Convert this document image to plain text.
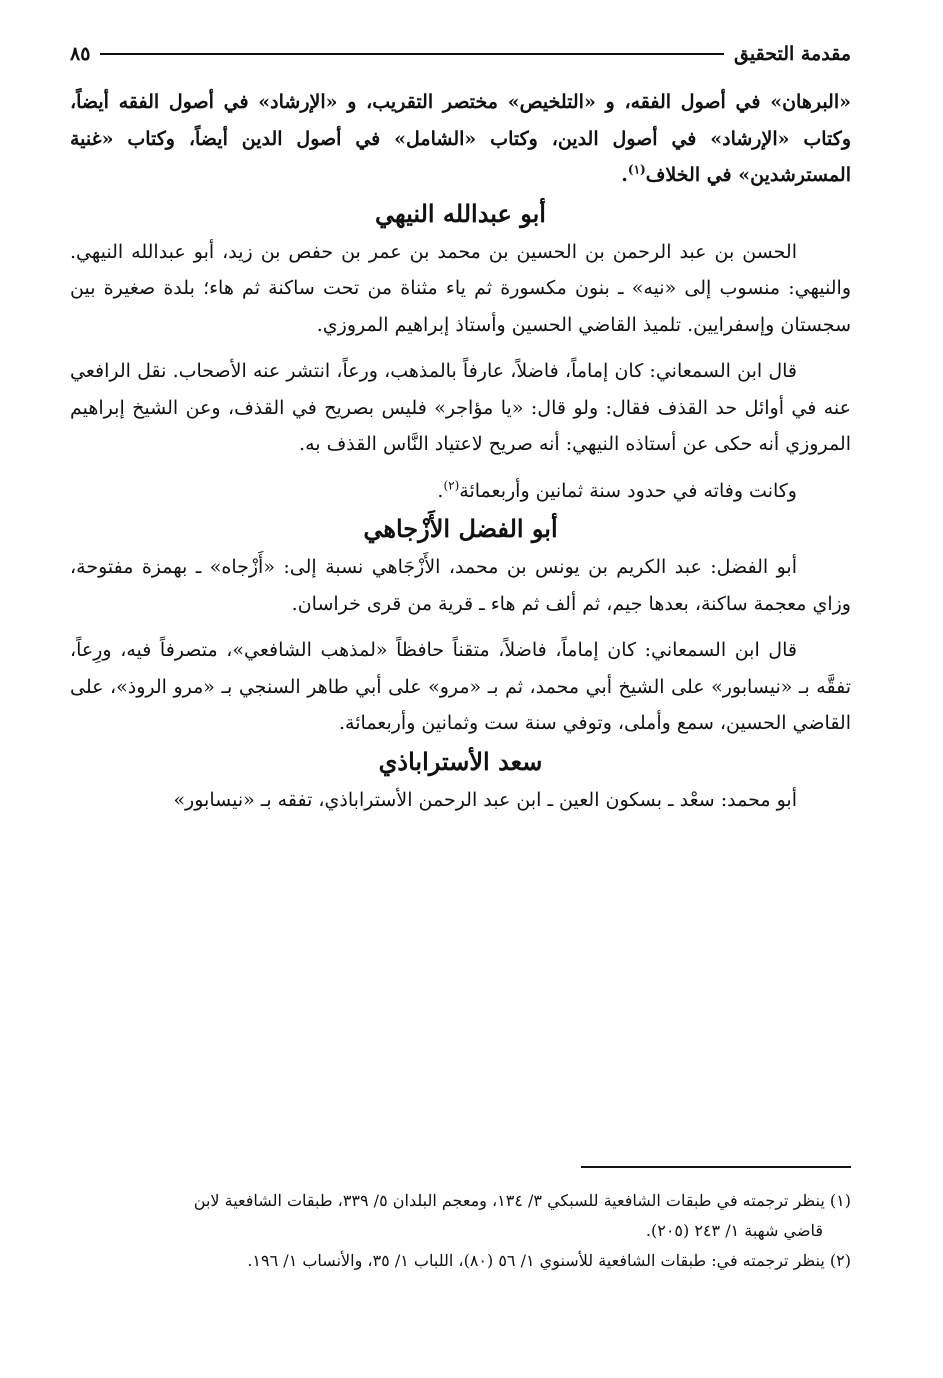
مقدمة التحقيق
٨٥

«البرهان» في أصول الفقه، و «التلخيص» مختصر التقريب، و «الإرشاد» في أصول الفقه أيضاً، وكتاب «الإرشاد» في أصول الدين، وكتاب «الشامل» في أصول الدين أيضاً، وكتاب «غنية المسترشدين» في الخلاف$^{(١)}$.

أبو عبدالله النيهي

الحسن بن عبد الرحمن بن الحسين بن محمد بن عمر بن حفص بن زيد، أبو عبدالله النيهي. والنيهي: منسوب إلى «نيه» ـ بنون مكسورة ثم ياء مثناة من تحت ساكنة ثم هاء؛ بلدة صغيرة بين سجستان وإسفرايين. تلميذ القاضي الحسين وأستاذ إبراهيم المروزي.

قال ابن السمعاني: كان إماماً، فاضلاً، عارفاً بالمذهب، ورعاً، انتشر عنه الأصحاب. نقل الرافعي عنه في أوائل حد القذف فقال: ولو قال: «يا مؤاجر» فليس بصريح في القذف، وعن الشيخ إبراهيم المروزي أنه حكى عن أستاذه النيهي: أنه صريح لاعتياد النَّاس القذف به.

وكانت وفاته في حدود سنة ثمانين وأربعمائة$^{(٢)}$.

أبو الفضل الأَزْجاهي

أبو الفضل: عبد الكريم بن يونس بن محمد، الأَزْجَاهي نسبة إلى: «أَزْجاه» ـ بهمزة مفتوحة، وزاي معجمة ساكنة، بعدها جيم، ثم ألف ثم هاء ـ قرية من قرى خراسان.

قال ابن السمعاني: كان إماماً، فاضلاً، متقناً حافظاً «لمذهب الشافعي»، متصرفاً فيه، ورِعاً، تفقَّه بـ «نيسابور» على الشيخ أبي محمد، ثم بـ «مرو» على أبي طاهر السنجي بـ «مرو الروذ»، على القاضي الحسين، سمع وأملى، وتوفي سنة ست وثمانين وأربعمائة.

سعد الأستراباذي

أبو محمد: سعْد ـ بسكون العين ـ ابن عبد الرحمن الأستراباذي، تفقه بـ «نيسابور»

(١) ينظر ترجمته في طبقات الشافعية للسبكي ٣/ ١٣٤، ومعجم البلدان ٥/ ٣٣٩، طبقات الشافعية لابن

قاضي شهبة ١/ ٢٤٣ (٢٠٥).

(٢) ينظر ترجمته في: طبقات الشافعية للأسنوي ١/ ٥٦ (٨٠)، اللباب ١/ ٣٥، والأنساب ١/ ١٩٦.
